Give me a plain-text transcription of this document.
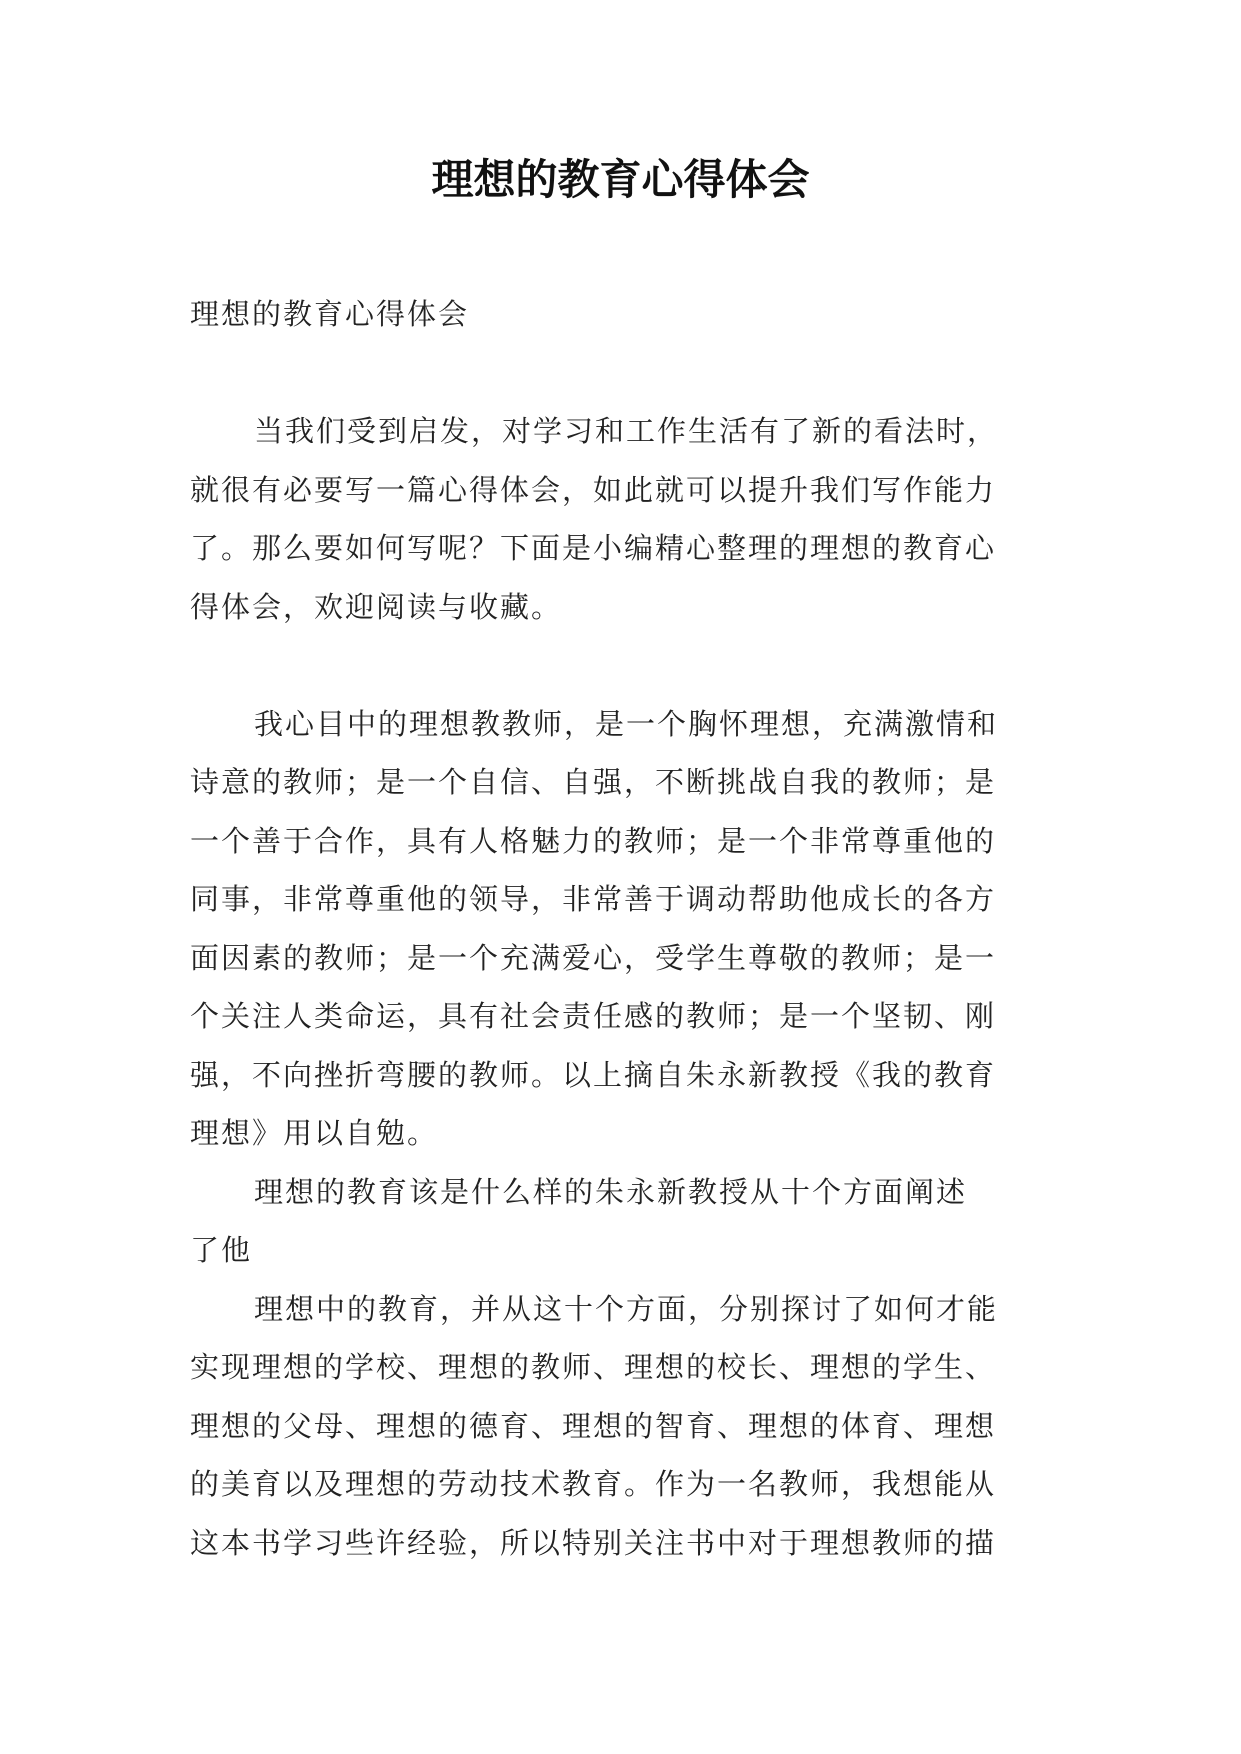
理想的教育心得体会
理想的教育心得体会
当我们受到启发，对学习和工作生活有了新的看法时，
就很有必要写一篇心得体会，如此就可以提升我们写作能力
了。那么要如何写呢？下面是小编精心整理的理想的教育心
得体会，欢迎阅读与收藏。
我心目中的理想教教师，是一个胸怀理想，充满激情和
诗意的教师；是一个自信、自强，不断挑战自我的教师；是
一个善于合作，具有人格魅力的教师；是一个非常尊重他的
同事，非常尊重他的领导，非常善于调动帮助他成长的各方
面因素的教师；是一个充满爱心，受学生尊敬的教师；是一
个关注人类命运，具有社会责任感的教师；是一个坚韧、刚
强，不向挫折弯腰的教师。以上摘自朱永新教授《我的教育
理想》用以自勉。
理想的教育该是什么样的朱永新教授从十个方面阐述
了他
理想中的教育，并从这十个方面，分别探讨了如何才能
实现理想的学校、理想的教师、理想的校长、理想的学生、
理想的父母、理想的德育、理想的智育、理想的体育、理想
的美育以及理想的劳动技术教育。作为一名教师，我想能从
这本书学习些许经验，所以特别关注书中对于理想教师的描
